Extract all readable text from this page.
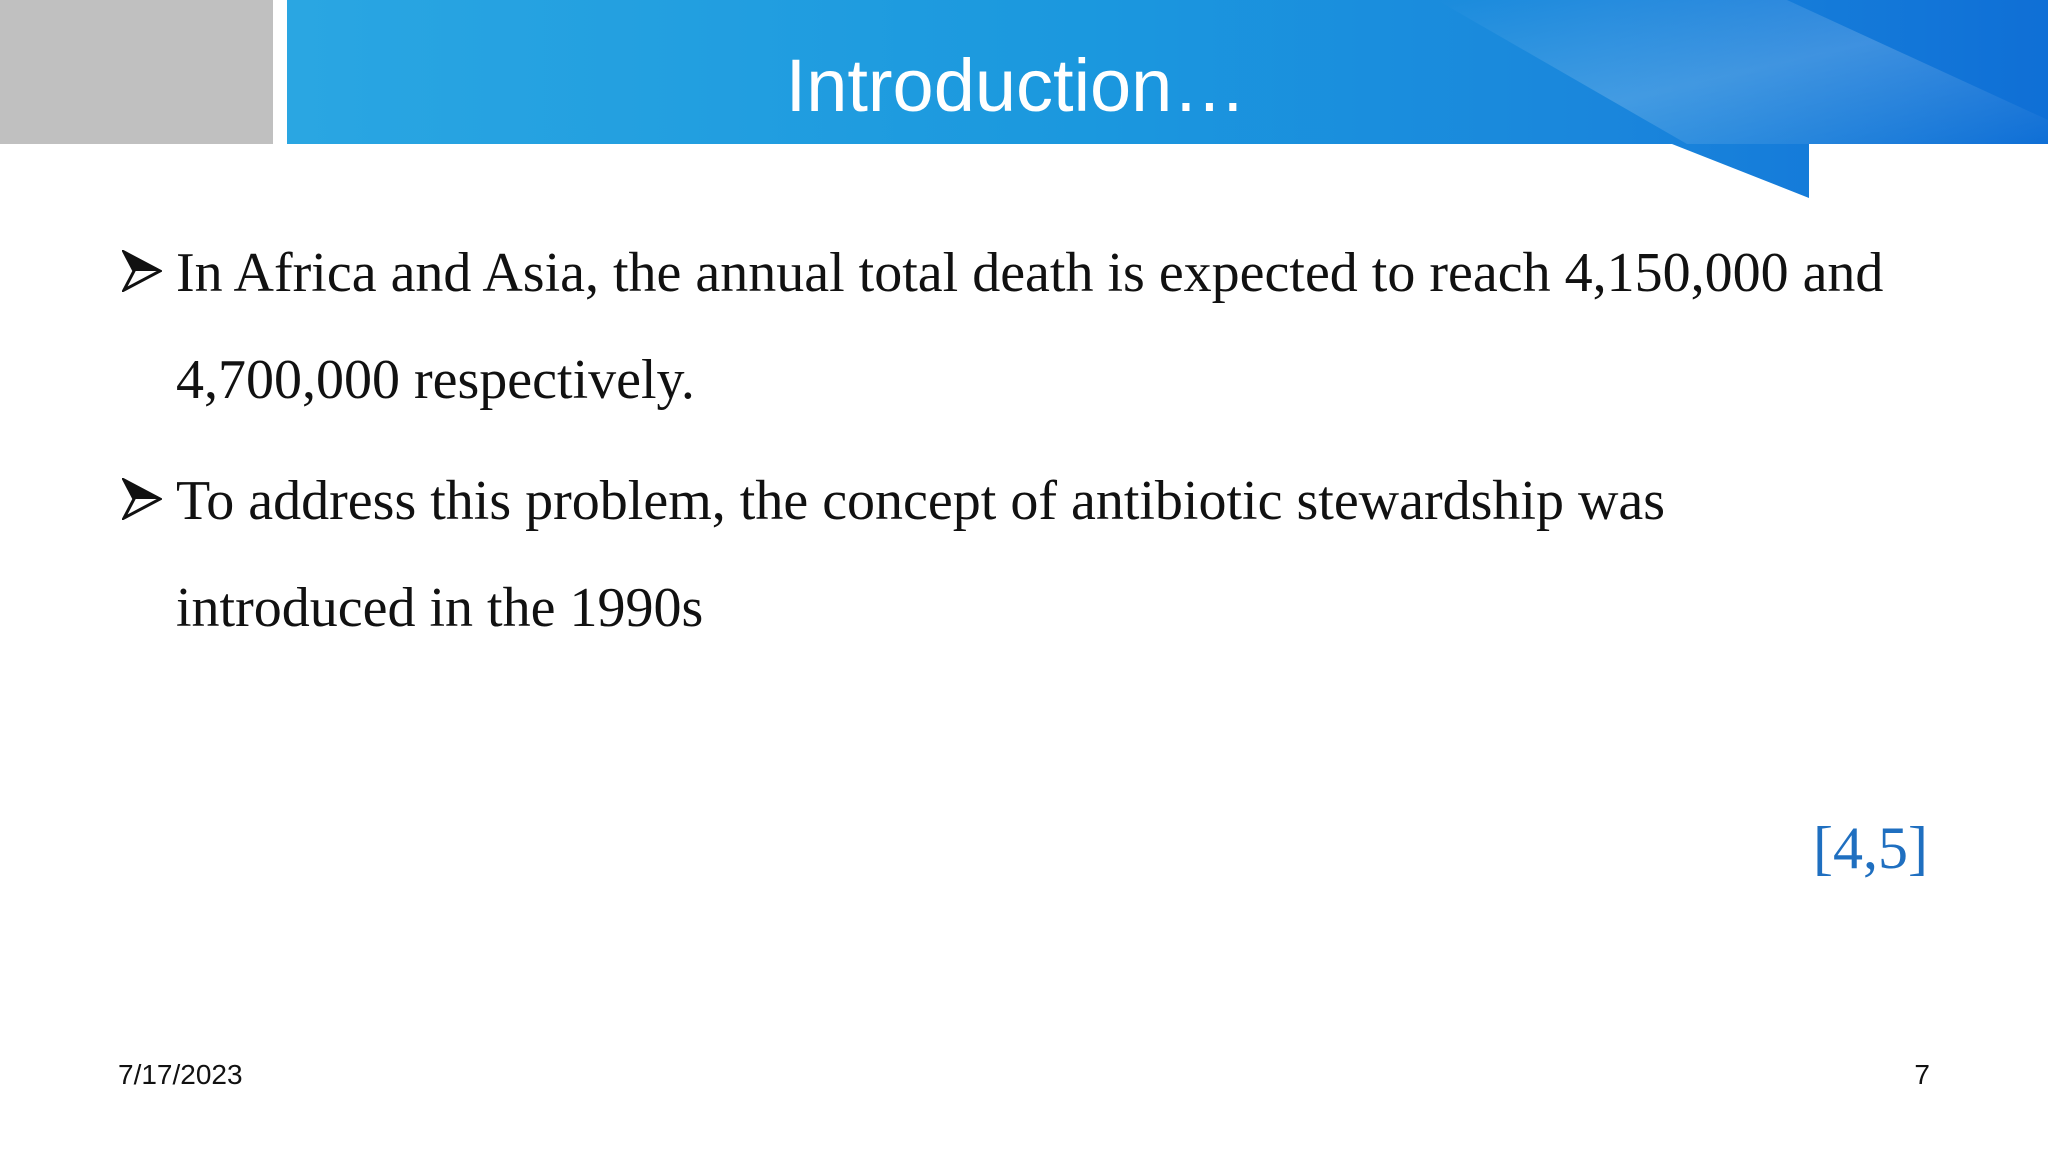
Introduction…
In Africa and Asia, the annual total death is expected to reach 4,150,000 and 4,700,000 respectively.
To address this problem, the concept of antibiotic stewardship was introduced in the 1990s
[4,5]
7/17/2023	7
